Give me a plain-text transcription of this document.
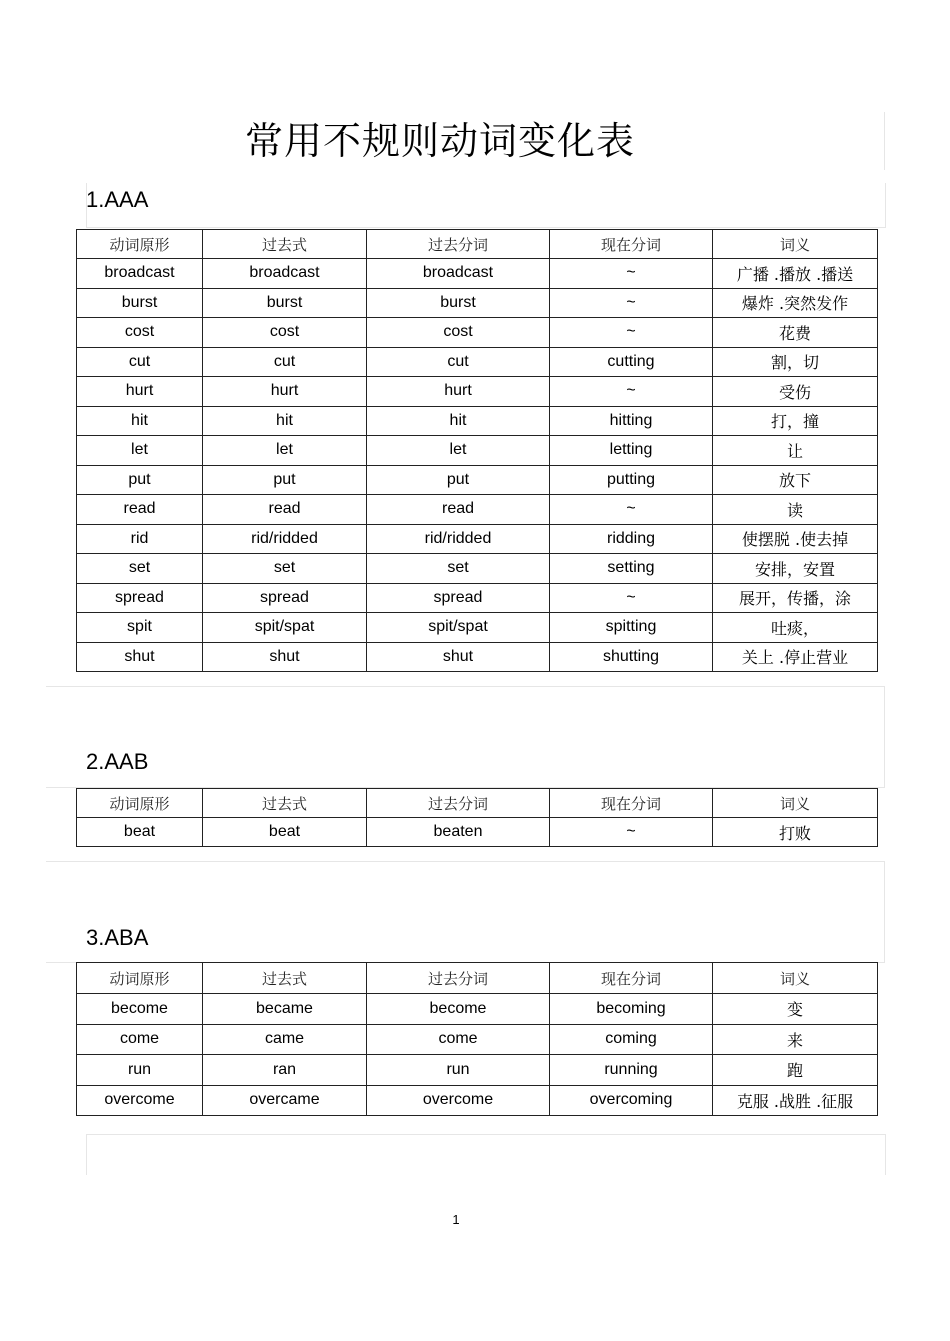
常用不规则动词变化表
1.AAA
动词原形	过去式	过去分词	现在分词	词义
broadcast	broadcast	broadcast	~	广播 .播放 .播送
burst	burst	burst	~	爆炸 .突然发作
cost	cost	cost	~	花费
cut	cut	cut	cutting	割，切
hurt	hurt	hurt	~	受伤
hit	hit	hit	hitting	打，撞
let	let	let	letting	让
put	put	put	putting	放下
read	read	read	~	读
rid	rid/ridded	rid/ridded	ridding	使摆脱 .使去掉
set	set	set	setting	安排，安置
spread	spread	spread	~	展开，传播，涂
spit	spit/spat	spit/spat	spitting	吐痰，
shut	shut	shut	shutting	关上 .停止营业
2.AAB
动词原形	过去式	过去分词	现在分词	词义
beat	beat	beaten	~	打败
3.ABA
动词原形	过去式	过去分词	现在分词	词义
become	became	become	becoming	变
come	came	come	coming	来
run	ran	run	running	跑
overcome	overcame	overcome	overcoming	克服 .战胜 .征服
1
